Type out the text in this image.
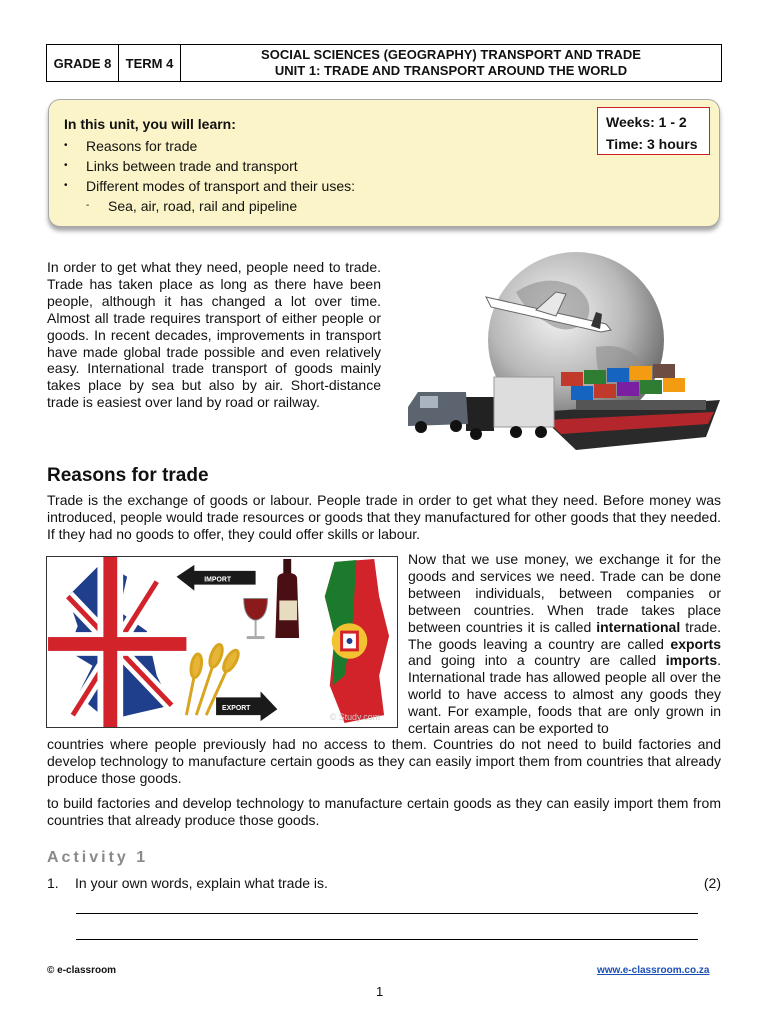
GRADE 8	TERM 4
SOCIAL SCIENCES (GEOGRAPHY) TRANSPORT AND TRADE
UNIT 1: TRADE AND TRANSPORT AROUND THE WORLD
In this unit, you will learn:
•	Reasons for trade
•	Links between trade and transport
•	Different modes of transport and their uses:
-	Sea, air, road, rail and pipeline
Weeks: 1 - 2
Time: 3 hours
In order to get what they need, people need to trade. Trade has taken place as long as there have been people, although it has changed a lot over time. Almost all trade requires transport of either people or goods. In recent decades, improvements in transport have made global trade possible and even relatively easy. International trade transport of goods mainly takes place by sea but also by air. Short-distance trade is easiest over land by road or railway.
Reasons for trade
Trade is the exchange of goods or labour. People trade in order to get what they need. Before money was introduced, people would trade resources or goods that they manufactured for other goods that they needed. If they had no goods to offer, they could offer skills or labour.
IMPORT
EXPORT
© Study.com
Now that we use money, we exchange it for the goods and services we need. Trade can be done between individuals, between companies or between countries. When trade takes place between countries it is called international trade. The goods leaving a country are called exports and going into a country are called imports. International trade has allowed people all over the world to have access to almost any goods they want. For example, foods that are only grown in certain areas can be exported to
countries where people previously had no access to them. Countries do not need to build factories and develop technology to manufacture certain goods as they can easily import them from countries that already produce those goods.
to build factories and develop technology to manufacture certain goods as they can easily import them from countries that already produce those goods.
Activity 1
1.	In your own words, explain what trade is.	(2)
© e-classroom	www.e-classroom.co.za
1
